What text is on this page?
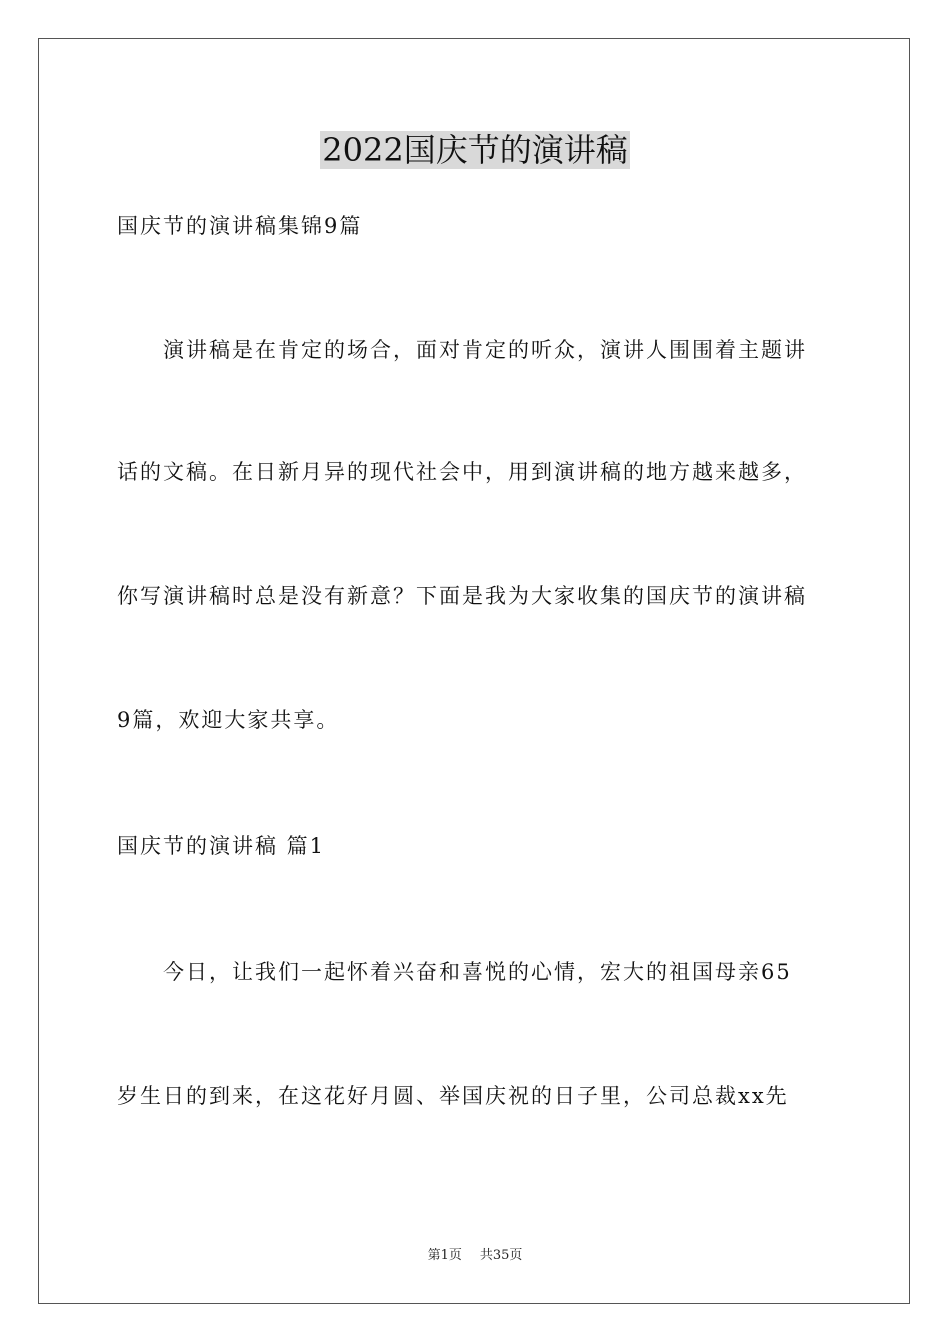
2022国庆节的演讲稿

国庆节的演讲稿集锦9篇

演讲稿是在肯定的场合，面对肯定的听众，演讲人围围着主题讲

话的文稿。在日新月异的现代社会中，用到演讲稿的地方越来越多，

你写演讲稿时总是没有新意？下面是我为大家收集的国庆节的演讲稿

9篇，欢迎大家共享。

国庆节的演讲稿 篇1

今日，让我们一起怀着兴奋和喜悦的心情，宏大的祖国母亲65

岁生日的到来，在这花好月圆、举国庆祝的日子里，公司总裁xx先

第1页 共35页
